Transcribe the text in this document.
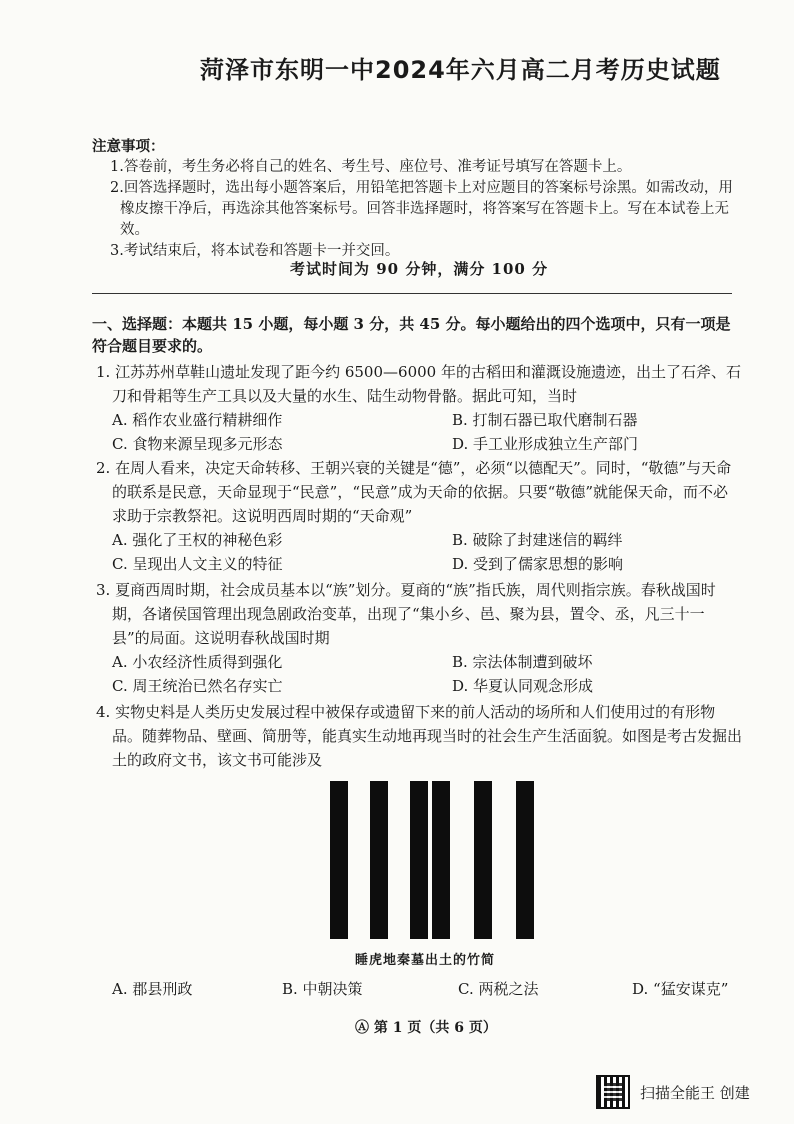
菏泽市东明一中2024年六月高二月考历史试题
注意事项：
1.答卷前，考生务必将自己的姓名、考生号、座位号、准考证号填写在答题卡上。
2.回答选择题时，选出每小题答案后，用铅笔把答题卡上对应题目的答案标号涂黑。如需改动，用橡皮擦干净后，再选涂其他答案标号。回答非选择题时，将答案写在答题卡上。写在本试卷上无效。
3.考试结束后，将本试卷和答题卡一并交回。
考试时间为 90 分钟，满分 100 分
一、选择题：本题共 15 小题，每小题 3 分，共 45 分。每小题给出的四个选项中，只有一项是符合题目要求的。
1. 江苏苏州草鞋山遗址发现了距今约 6500—6000 年的古稻田和灌溉设施遗迹，出土了石斧、石刀和骨耜等生产工具以及大量的水生、陆生动物骨骼。据此可知，当时
A. 稻作农业盛行精耕细作	B. 打制石器已取代磨制石器
C. 食物来源呈现多元形态	D. 手工业形成独立生产部门
2. 在周人看来，决定天命转移、王朝兴衰的关键是“德”，必须“以德配天”。同时，“敬德”与天命的联系是民意，天命显现于“民意”，“民意”成为天命的依据。只要“敬德”就能保天命，而不必求助于宗教祭祀。这说明西周时期的“天命观”
A. 强化了王权的神秘色彩	B. 破除了封建迷信的羁绊
C. 呈现出人文主义的特征	D. 受到了儒家思想的影响
3. 夏商西周时期，社会成员基本以“族”划分。夏商的“族”指氏族，周代则指宗族。春秋战国时期，各诸侯国管理出现急剧政治变革，出现了“集小乡、邑、聚为县，置令、丞，凡三十一县”的局面。这说明春秋战国时期
A. 小农经济性质得到强化	B. 宗法体制遭到破坏
C. 周王统治已然名存实亡	D. 华夏认同观念形成
4. 实物史料是人类历史发展过程中被保存或遗留下来的前人活动的场所和人们使用过的有形物品。随葬物品、壁画、简册等，能真实生动地再现当时的社会生产生活面貌。如图是考古发掘出土的政府文书，该文书可能涉及
睡虎地秦墓出土的竹简
A. 郡县刑政	B. 中朝决策	C. 两税之法	D. “猛安谋克”
Ⓐ 第 1 页（共 6 页）
扫描全能王 创建
